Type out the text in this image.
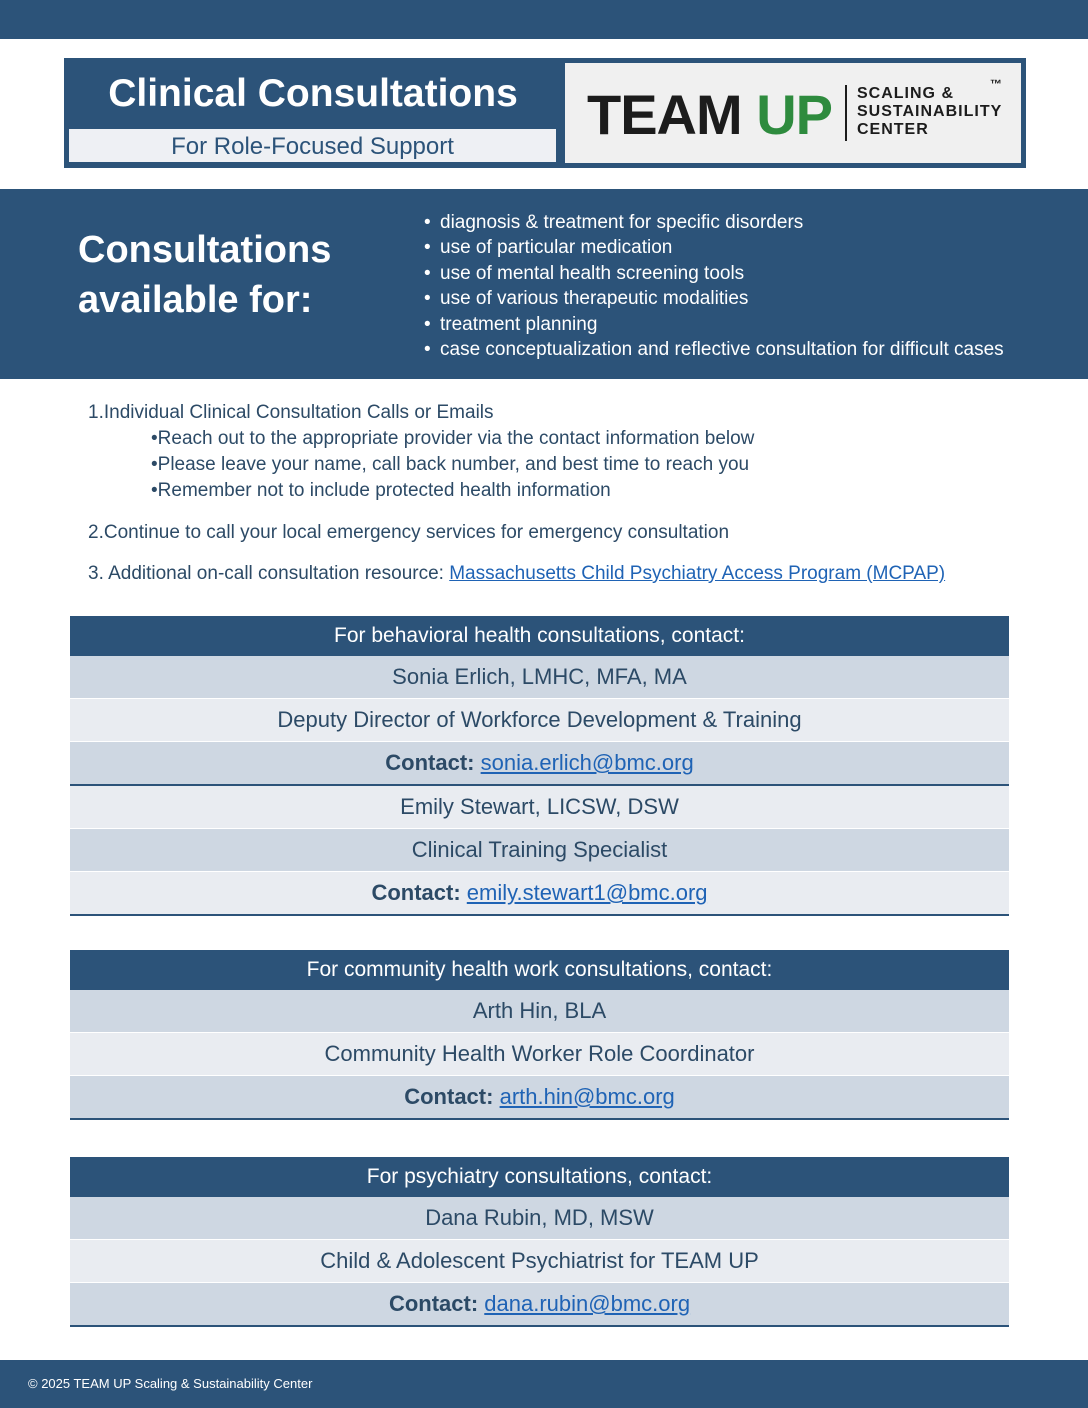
Clinical Consultations
For Role-Focused Support
TEAM UP SCALING &
SUSTAINABILITY
CENTER
™
Consultations
available for:
• diagnosis & treatment for specific disorders
• use of particular medication
• use of mental health screening tools
• use of various therapeutic modalities
• treatment planning
• case conceptualization and reflective consultation for difficult cases
1.Individual Clinical Consultation Calls or Emails
•Reach out to the appropriate provider via the contact information below
•Please leave your name, call back number, and best time to reach you
•Remember not to include protected health information
2.Continue to call your local emergency services for emergency consultation
3. Additional on-call consultation resource: Massachusetts Child Psychiatry Access Program (MCPAP)
For behavioral health consultations, contact:
Sonia Erlich, LMHC, MFA, MA
Deputy Director of Workforce Development & Training
Contact: sonia.erlich@bmc.org
Emily Stewart, LICSW, DSW
Clinical Training Specialist
Contact: emily.stewart1@bmc.org
For community health work consultations, contact:
Arth Hin, BLA
Community Health Worker Role Coordinator
Contact: arth.hin@bmc.org
For psychiatry consultations, contact:
Dana Rubin, MD, MSW
Child & Adolescent Psychiatrist for TEAM UP
Contact: dana.rubin@bmc.org
© 2025 TEAM UP Scaling & Sustainability Center
